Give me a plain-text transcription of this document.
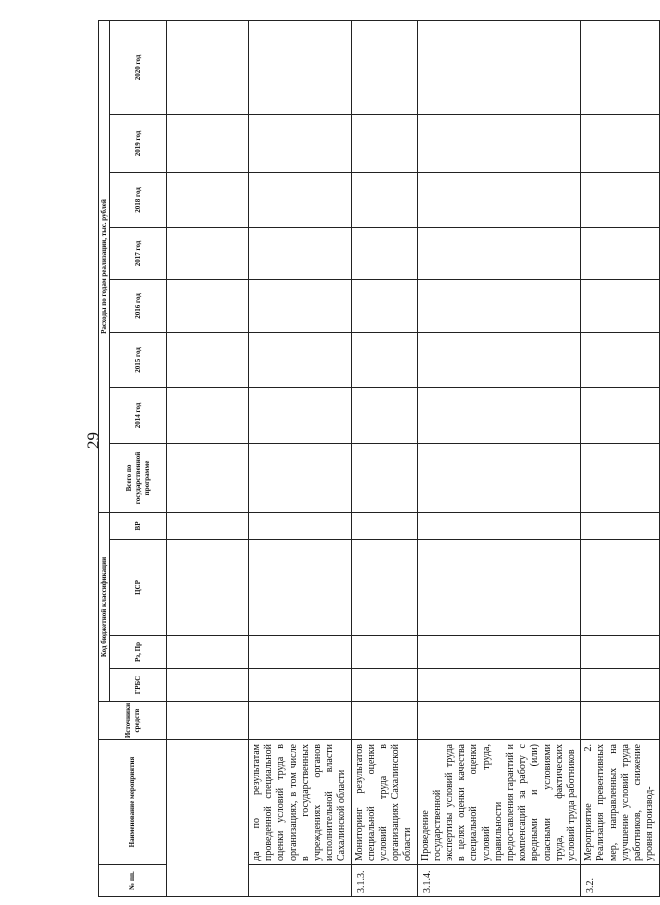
29
№ пп.	Наименование мероприятия	Источники средств	Код бюджетной классификации				Расходы по годам реализации, тыс. рублей							
			ГРБС	Рз, Пр	ЦСР	ВР	Всего по государственной программе	2014 год	2015 год	2016 год	2017 год	2018 год	2019 год	2020 год

	да по результатам проведенной специальной оценки условий труда в организациях, в том числе в государственных учреждениях органов исполнительной власти Сахалинской области													
3.1.3.	Мониторинг результатов специальной оценки условий труда в организациях Сахалинской области													
3.1.4.	Проведение государственной экспертизы условий труда в целях оценки качества специальной оценки условий труда, правильности предоставления гарантий и компенсаций за работу с вредными и (или) опасными условиями труда, фактических условий труда работников													
3.2.	Мероприятие 2. Реализация превентивных мер, направленных на улучшение условий труда работников, снижение уровня производ-													
